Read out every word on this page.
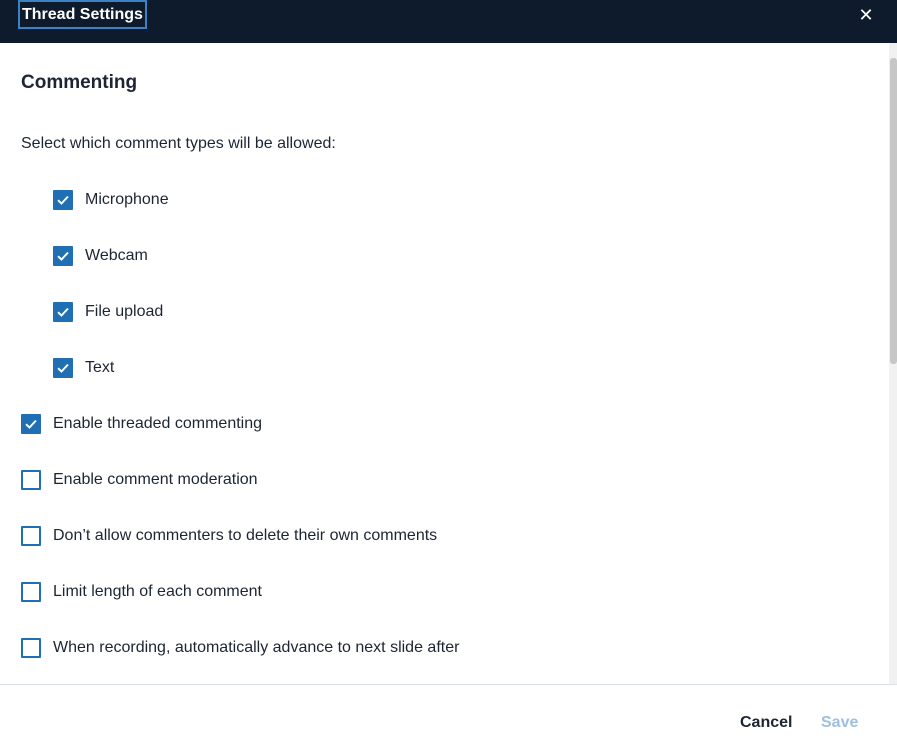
Thread Settings	✕
Commenting
Select which comment types will be allowed:
Microphone
Webcam
File upload
Text
Enable threaded commenting
Enable comment moderation
Don’t allow commenters to delete their own comments
Limit length of each comment
When recording, automatically advance to next slide after
Cancel Save
